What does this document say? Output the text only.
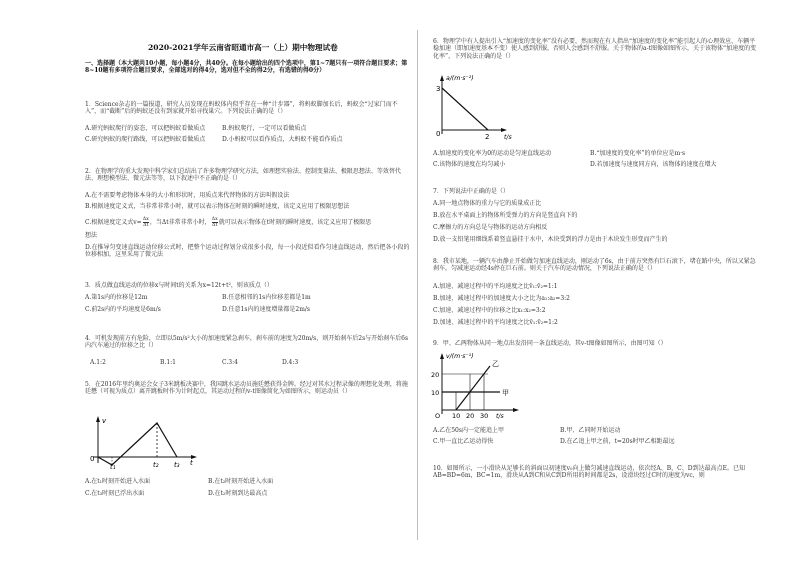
2020-2021学年云南省昭通市高一（上）期中物理试卷
一、选择题（本大题共10小题，每小题4分，共40分。在每小题给出的四个选项中，第1~7题只有一项符合题目要求；第8~10题有多项符合题目要求，全部选对的得4分，选对但不全的得2分，有选错的得0分）
1．Science杂志的一篇报道，研究人员发现在蚂蚁体内似乎存在一种“计步器”，将蚂蚁脚加长后，蚂蚁会“过家门而不入”，而“截断”后的蚂蚁还没有到家就开始寻找巢穴。下列说法正确的是（）
A.研究蚂蚁爬行的姿态，可以把蚂蚁看做质点	B.蚂蚁爬行，一定可以看做质点
C.研究蚂蚁的爬行路线，可以把蚂蚁看做质点	D.小蚂蚁可以看作质点，大蚂蚁不能看作质点
2．在物理学的重大发现中科学家们总结出了许多物理学研究方法，如理想实验法、控制变量法、极限思想法、等效替代法、理想模型法、微元法等等，以下叙述中不正确的是（）
A.在不需要考虑物体本身的大小和形状时，用质点来代替物体的方法叫假设法
B.根据速度定义式，当非常非常小时，就可以表示物体在时刻的瞬时速度，该定义应用了极限思想法
C.根据速度定义式$v= \frac{\Delta x}{\Delta t}$ ，当Δt非常非常小时， $\frac{\Delta x}{\Delta t}$ 就可以表示物体在t时刻的瞬时速度，该定义应用了极限思
想法
D.在推导匀变速直线运动位移公式时，把整个运动过程划分成很多小段，每一小段近似看作匀速直线运动，然后把各小段的位移相加，这里采用了微元法
3．质点做直线运动的位移x与时间t的关系为x=12t+t²，则该质点（）
A.第1s内的位移是12m	B.任意相邻的1s内位移差都是1m
C.前2s内的平均速度是6m/s	D.任意1s内的速度增量都是2m/s
4．可机发现前方有危险，立即以5m/s²大小的加速度紧急刹车，刹车前的速度为20m/s，则开始刹车后2s与开始刹车后6s内汽车通过的位移之比（）
A.1:2	B.1:1	C.3:4	D.4:3
5．在2016年里约奥运会女子3米跳板决赛中，我国跳水运动员施廷懋获得金牌。经过对其水过程录像的理想化处理，将施廷懋（可视为质点）离开跳板时作为计时起点，其运动过程的v-t图像简化为如图所示，则运动员（）
v
0
t₁	t₂ t₃ t
A.在t₁时刻开始进入水面	B.在t₂时刻开始进入水面
C.在t₃时刻已浮出水面	D.在t₂时刻到达最高点
6．物理学中有人提出引入“加速度的变化率”没有必要，然而现在有人指出“加速度的变化率”能引起人的心理效应，车辆平稳加速（即加速度基本不变）使人感到舒服，否则人会感到不舒服。关于物体的a-t图像如图所示，关于该物体“加速度的变化率”，下列说法正确的是（）
a/(m·s⁻²)
3
0	2 t/s
A.加速度的变化率为0的运动是匀速直线运动	B.“加速度的变化率”的单位应是m·s
C.该物体的速度在均匀减小	D.若加速度与速度同方向，该物体的速度在增大
7．下列说法中正确的是（）
A.同一地点物体的重力与它的质量成正比
B.放在水平桌面上的物体所受弹力的方向是竖直向下的
C.摩擦力的方向总是与物体的运动方向相反
D.放一支铅笔用细线系着竖直悬挂于水中，木块受到的浮力是由于木块发生形变而产生的
8．我市某地，一辆汽车由静止开始做匀加速直线运动，刚运动了6s，由于前方突然有巨石滚下，堵在路中央，所以又紧急刹车，匀减速运动经4s停在巨石前。则关于汽车的运动情况，下列说法正确的是（）
A.加速、减速过程中的平均速度之比v̄₁:v̄₂=1:1
B.加速、减速过程中的加速度大小之比为a₁:a₂=3:2
C.加速、减速过程中的位移之比x₁:x₂=3:2
D.加速、减速过程中的平均速度之比v̄₁:v̄₂=1:2
9．甲、乙两物体从同一地点出发沿同一条直线运动，其v-t图像如图所示，由图可知（）
v/(m·s⁻¹)
20
10
O 10 20 30 t/s
甲
乙
A.乙在50s内一定能追上甲	B.甲、乙同时开始运动
C.甲一直比乙运动得快	D.在乙追上甲之前，t=20s时甲乙相距最远
10．如图所示，一小滑块从足够长的斜面以初速度v₀向上做匀减速直线运动，依次经A、B、C、D到达最高点E。已知AB=BD=6m，BC=1m，滑块从A到C和从C到D所用的时间都是2s，设滑块经过C时的速度为vc，则
